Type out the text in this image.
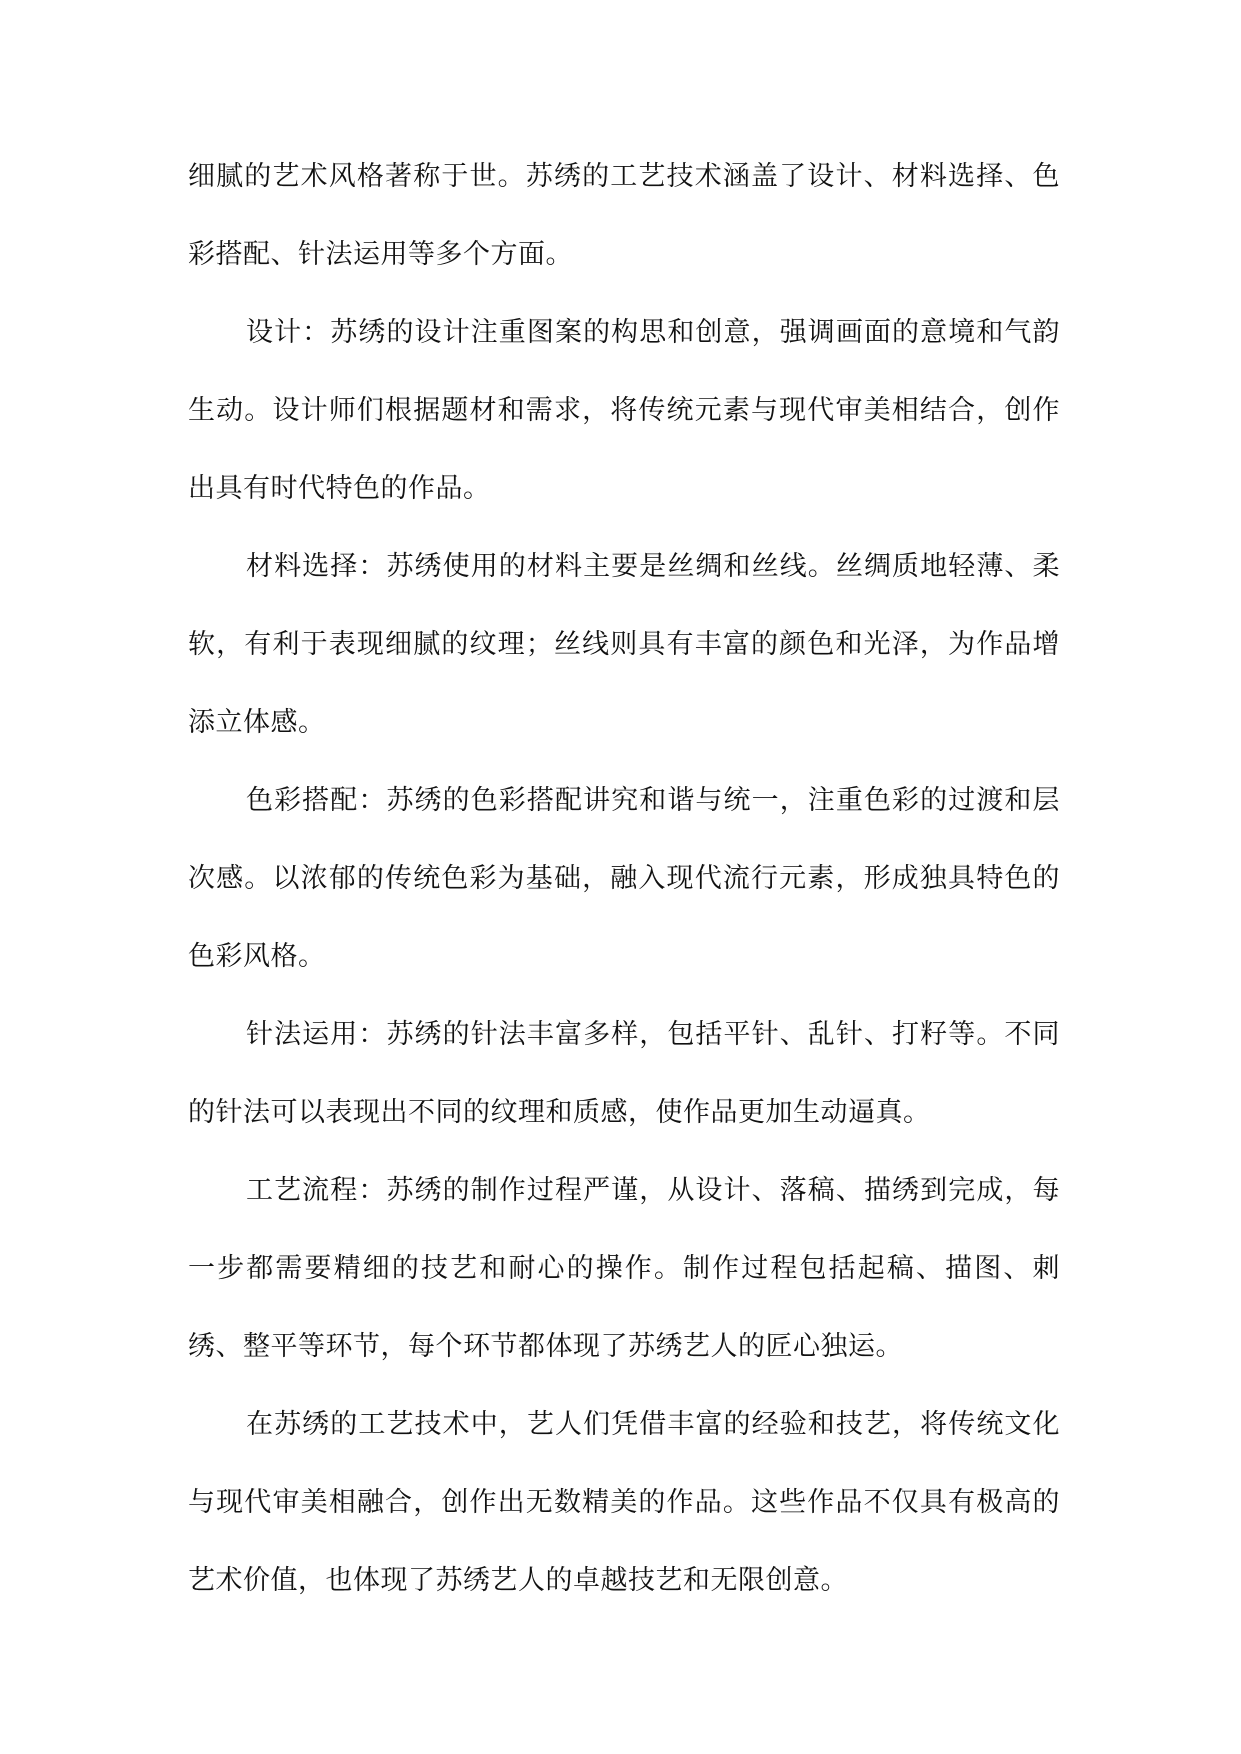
细腻的艺术风格著称于世。苏绣的工艺技术涵盖了设计、材料选择、色彩搭配、针法运用等多个方面。

设计：苏绣的设计注重图案的构思和创意，强调画面的意境和气韵生动。设计师们根据题材和需求，将传统元素与现代审美相结合，创作出具有时代特色的作品。

材料选择：苏绣使用的材料主要是丝绸和丝线。丝绸质地轻薄、柔软，有利于表现细腻的纹理；丝线则具有丰富的颜色和光泽，为作品增添立体感。

色彩搭配：苏绣的色彩搭配讲究和谐与统一，注重色彩的过渡和层次感。以浓郁的传统色彩为基础，融入现代流行元素，形成独具特色的色彩风格。

针法运用：苏绣的针法丰富多样，包括平针、乱针、打籽等。不同的针法可以表现出不同的纹理和质感，使作品更加生动逼真。

工艺流程：苏绣的制作过程严谨，从设计、落稿、描绣到完成，每一步都需要精细的技艺和耐心的操作。制作过程包括起稿、描图、刺绣、整平等环节，每个环节都体现了苏绣艺人的匠心独运。

在苏绣的工艺技术中，艺人们凭借丰富的经验和技艺，将传统文化与现代审美相融合，创作出无数精美的作品。这些作品不仅具有极高的艺术价值，也体现了苏绣艺人的卓越技艺和无限创意。
